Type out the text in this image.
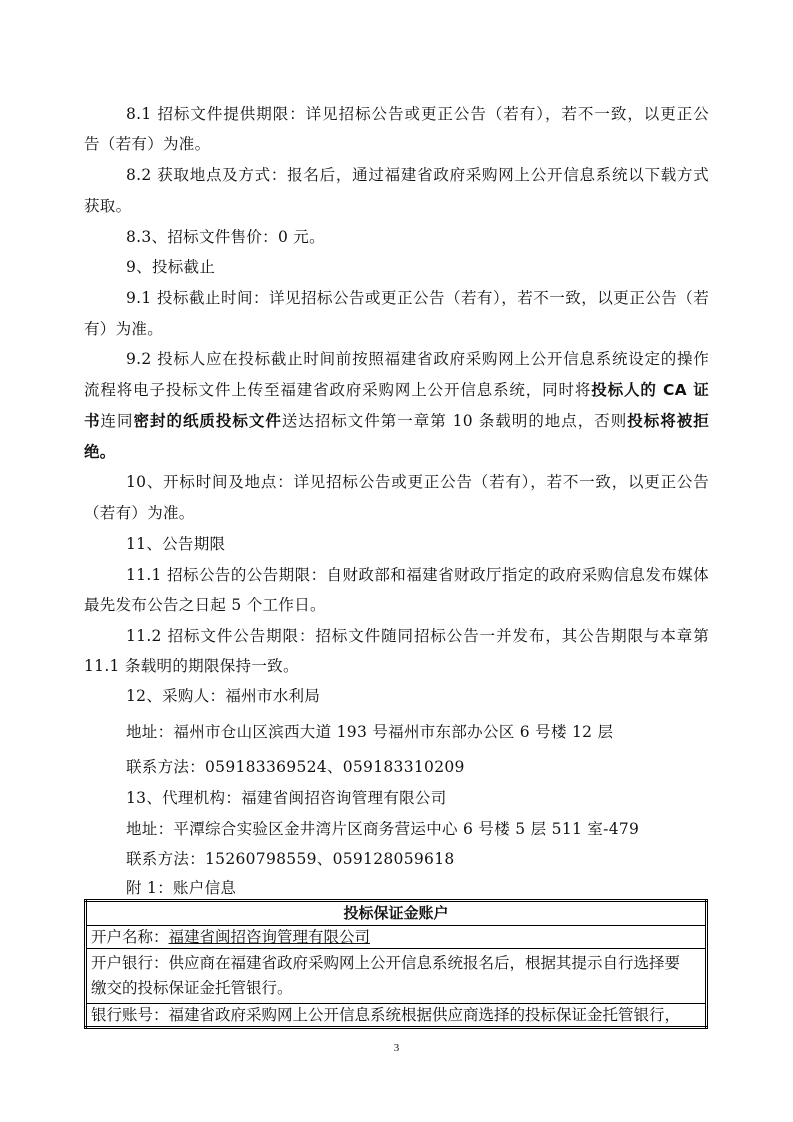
8.1 招标文件提供期限：详见招标公告或更正公告（若有），若不一致，以更正公
告（若有）为准。
8.2 获取地点及方式：报名后，通过福建省政府采购网上公开信息系统以下载方式
获取。
8.3、招标文件售价：0 元。
9、投标截止
9.1 投标截止时间：详见招标公告或更正公告（若有），若不一致，以更正公告（若
有）为准。
9.2 投标人应在投标截止时间前按照福建省政府采购网上公开信息系统设定的操作
流程将电子投标文件上传至福建省政府采购网上公开信息系统，同时将投标人的 CA 证
书连同密封的纸质投标文件送达招标文件第一章第 10 条载明的地点，否则投标将被拒
绝。
10、开标时间及地点：详见招标公告或更正公告（若有），若不一致，以更正公告
（若有）为准。
11、公告期限
11.1 招标公告的公告期限：自财政部和福建省财政厅指定的政府采购信息发布媒体
最先发布公告之日起 5 个工作日。
11.2 招标文件公告期限：招标文件随同招标公告一并发布，其公告期限与本章第
11.1 条载明的期限保持一致。
12、采购人：福州市水利局
地址：福州市仓山区滨西大道 193 号福州市东部办公区 6 号楼 12 层
联系方法：059183369524、059183310209
13、代理机构：福建省闽招咨询管理有限公司
地址：平潭综合实验区金井湾片区商务营运中心 6 号楼 5 层 511 室-479
联系方法：15260798559、059128059618
附 1：账户信息
投标保证金账户
开户名称：福建省闽招咨询管理有限公司

开户银行：供应商在福建省政府采购网上公开信息系统报名后，根据其提示自行选择要
缴交的投标保证金托管银行。

银行账号：福建省政府采购网上公开信息系统根据供应商选择的投标保证金托管银行，
3
